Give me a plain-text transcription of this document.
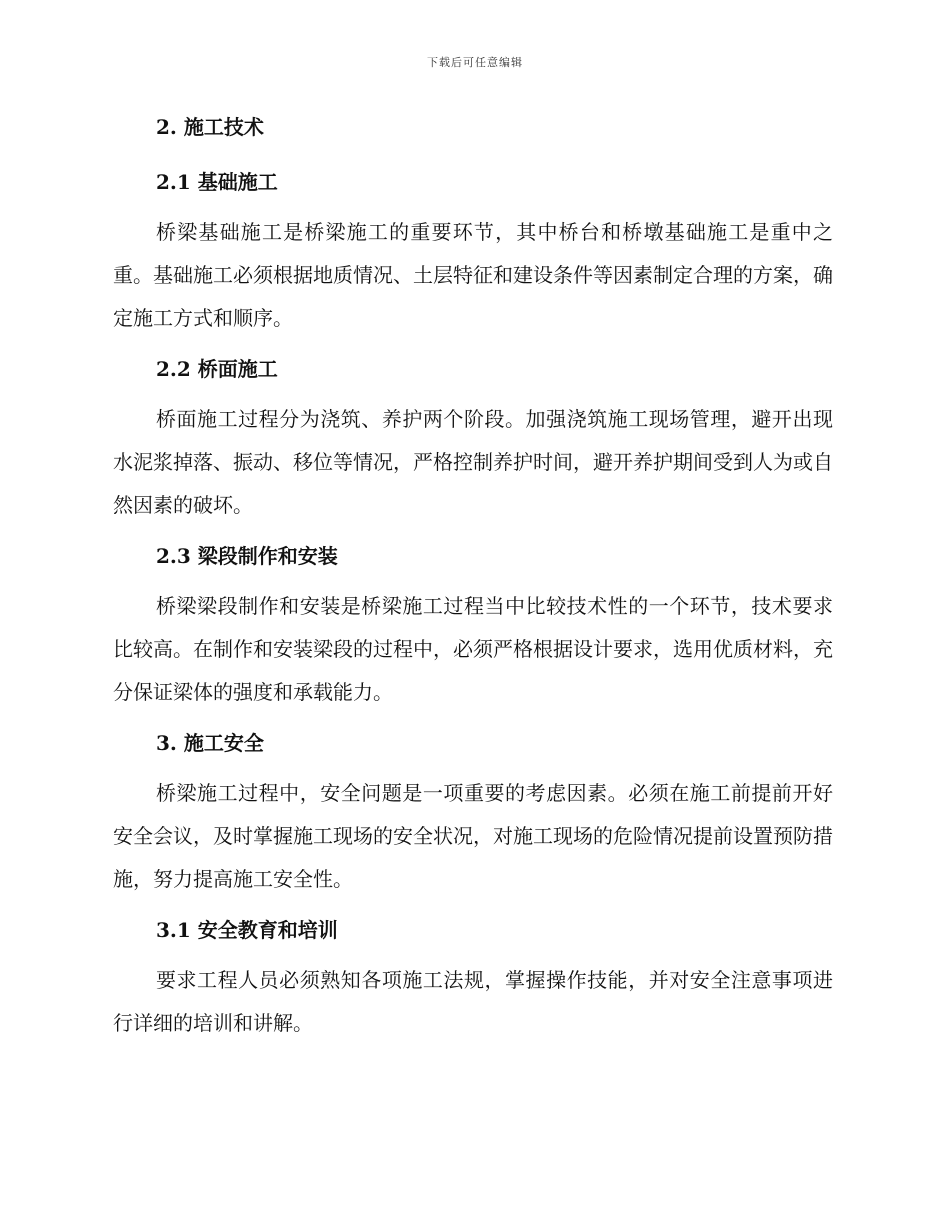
下载后可任意编辑
2. 施工技术
2.1 基础施工

桥梁基础施工是桥梁施工的重要环节，其中桥台和桥墩基础施工是重中之重。基础施工必须根据地质情况、土层特征和建设条件等因素制定合理的方案，确定施工方式和顺序。

2.2 桥面施工

桥面施工过程分为浇筑、养护两个阶段。加强浇筑施工现场管理，避开出现水泥浆掉落、振动、移位等情况，严格控制养护时间，避开养护期间受到人为或自然因素的破坏。

2.3 梁段制作和安装

桥梁梁段制作和安装是桥梁施工过程当中比较技术性的一个环节，技术要求比较高。在制作和安装梁段的过程中，必须严格根据设计要求，选用优质材料，充分保证梁体的强度和承载能力。

3. 施工安全

桥梁施工过程中，安全问题是一项重要的考虑因素。必须在施工前提前开好安全会议，及时掌握施工现场的安全状况，对施工现场的危险情况提前设置预防措施，努力提高施工安全性。

3.1 安全教育和培训

要求工程人员必须熟知各项施工法规，掌握操作技能，并对安全注意事项进行详细的培训和讲解。
